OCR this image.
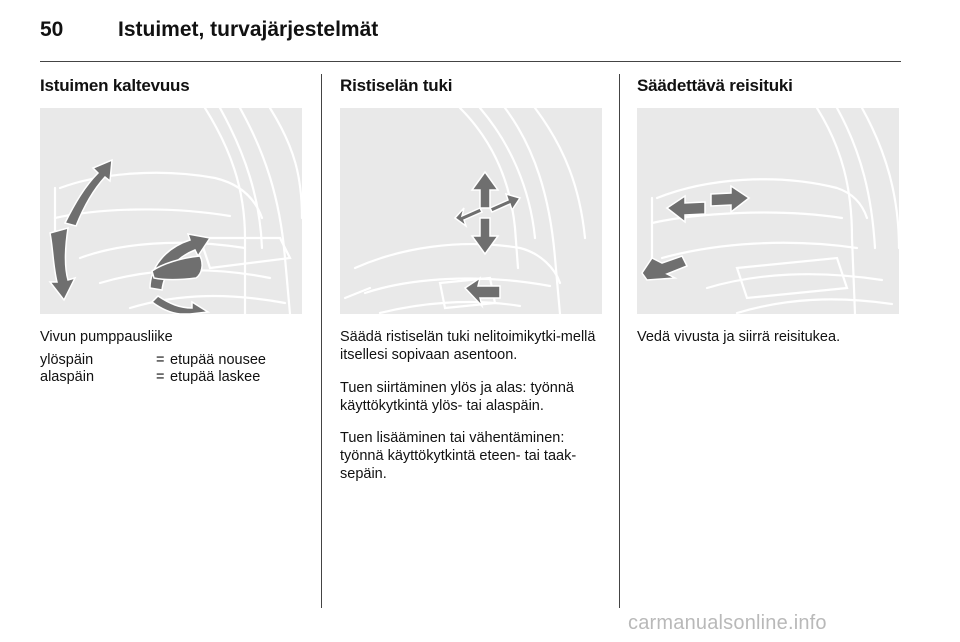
50	Istuimet, turvajärjestelmät
Istuimen kaltevuus
Vivun pumppausliike
ylöspäin	=	etupää nousee
alaspäin	=	etupää laskee
Ristiselän tuki

Säädä ristiselän tuki nelitoimikytki-mellä itsellesi sopivaan asentoon.

Tuen siirtäminen ylös ja alas: työnnä käyttökytkintä ylös- tai alaspäin.

Tuen lisääminen tai vähentäminen: työnnä käyttökytkintä eteen- tai taak-sepäin.

Säädettävä reisituki

Vedä vivusta ja siirrä reisitukea.

carmanualsonline.info
